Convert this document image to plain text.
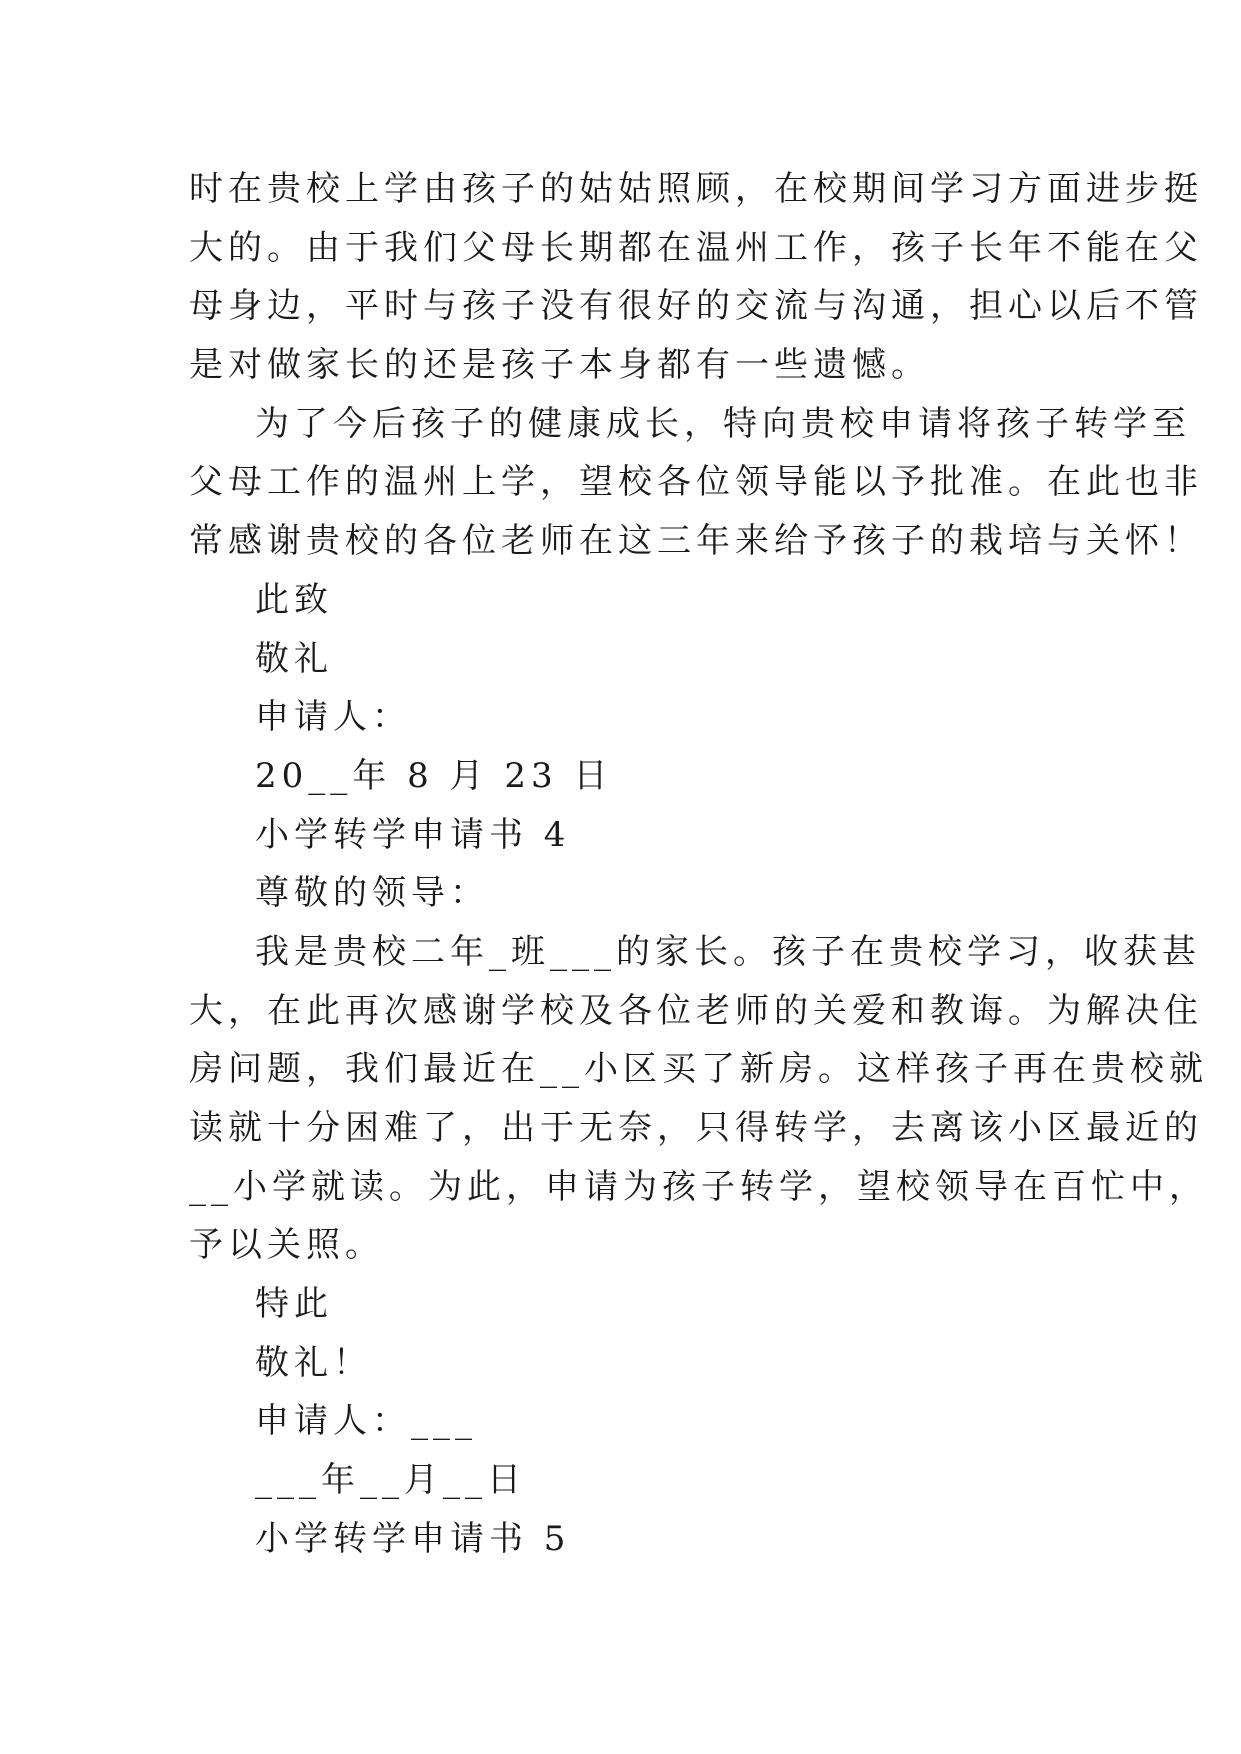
时在贵校上学由孩子的姑姑照顾，在校期间学习方面进步挺
大的。由于我们父母长期都在温州工作，孩子长年不能在父
母身边，平时与孩子没有很好的交流与沟通，担心以后不管
是对做家长的还是孩子本身都有一些遗憾。
为了今后孩子的健康成长，特向贵校申请将孩子转学至
父母工作的温州上学，望校各位领导能以予批准。在此也非
常感谢贵校的各位老师在这三年来给予孩子的栽培与关怀！
此致
敬礼
申请人：
20__年 8 月 23 日
小学转学申请书 4
尊敬的领导：
我是贵校二年_班___的家长。孩子在贵校学习，收获甚
大，在此再次感谢学校及各位老师的关爱和教诲。为解决住
房问题，我们最近在__小区买了新房。这样孩子再在贵校就
读就十分困难了，出于无奈，只得转学，去离该小区最近的
__小学就读。为此，申请为孩子转学，望校领导在百忙中，
予以关照。
特此
敬礼！
申请人：___
___年__月__日
小学转学申请书 5
